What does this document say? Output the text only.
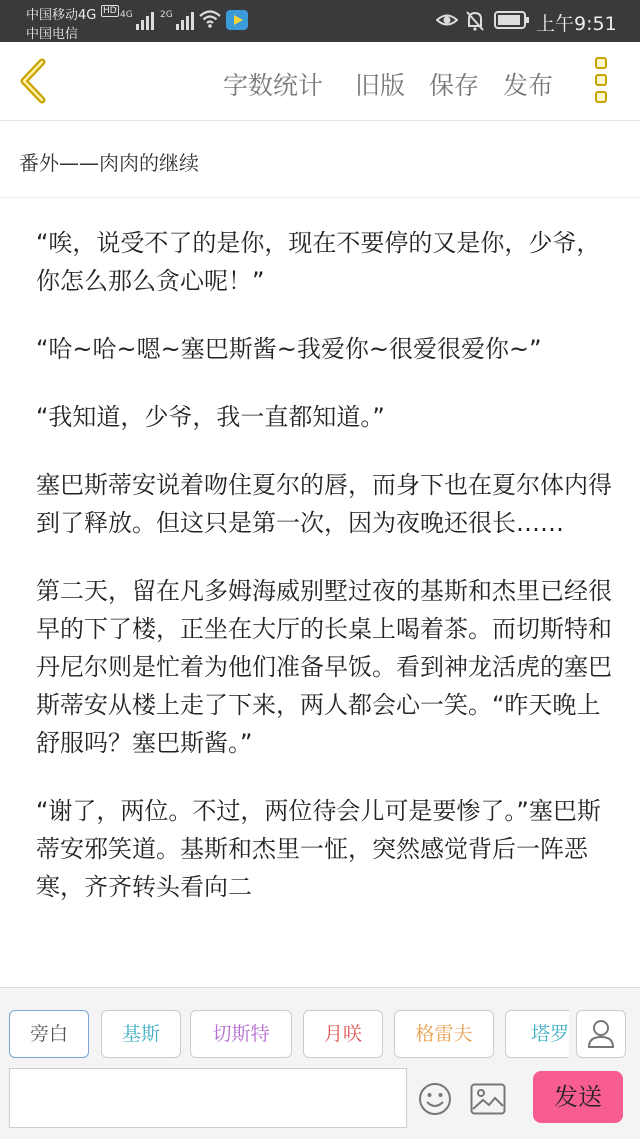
中国移动4G HD
中国电信
4G	2G	上午9:51
字数统计 旧版 保存 发布
番外——肉肉的继续

“唉，说受不了的是你，现在不要停的又是你，少爷，你怎么那么贪心呢！”

“哈~哈~嗯~塞巴斯酱~我爱你~很爱很爱你~”

“我知道，少爷，我一直都知道。”

塞巴斯蒂安说着吻住夏尔的唇，而身下也在夏尔体内得到了释放。但这只是第一次，因为夜晚还很长……

第二天，留在凡多姆海威别墅过夜的基斯和杰里已经很早的下了楼，正坐在大厅的长桌上喝着茶。而切斯特和丹尼尔则是忙着为他们准备早饭。看到神龙活虎的塞巴斯蒂安从楼上走了下来，两人都会心一笑。“昨天晚上舒服吗？塞巴斯酱。”

“谢了，两位。不过，两位待会儿可是要惨了。”塞巴斯蒂安邪笑道。基斯和杰里一怔，突然感觉背后一阵恶寒，齐齐转头看向二

旁白	基斯	切斯特	月咲	格雷夫	塔罗
发送
